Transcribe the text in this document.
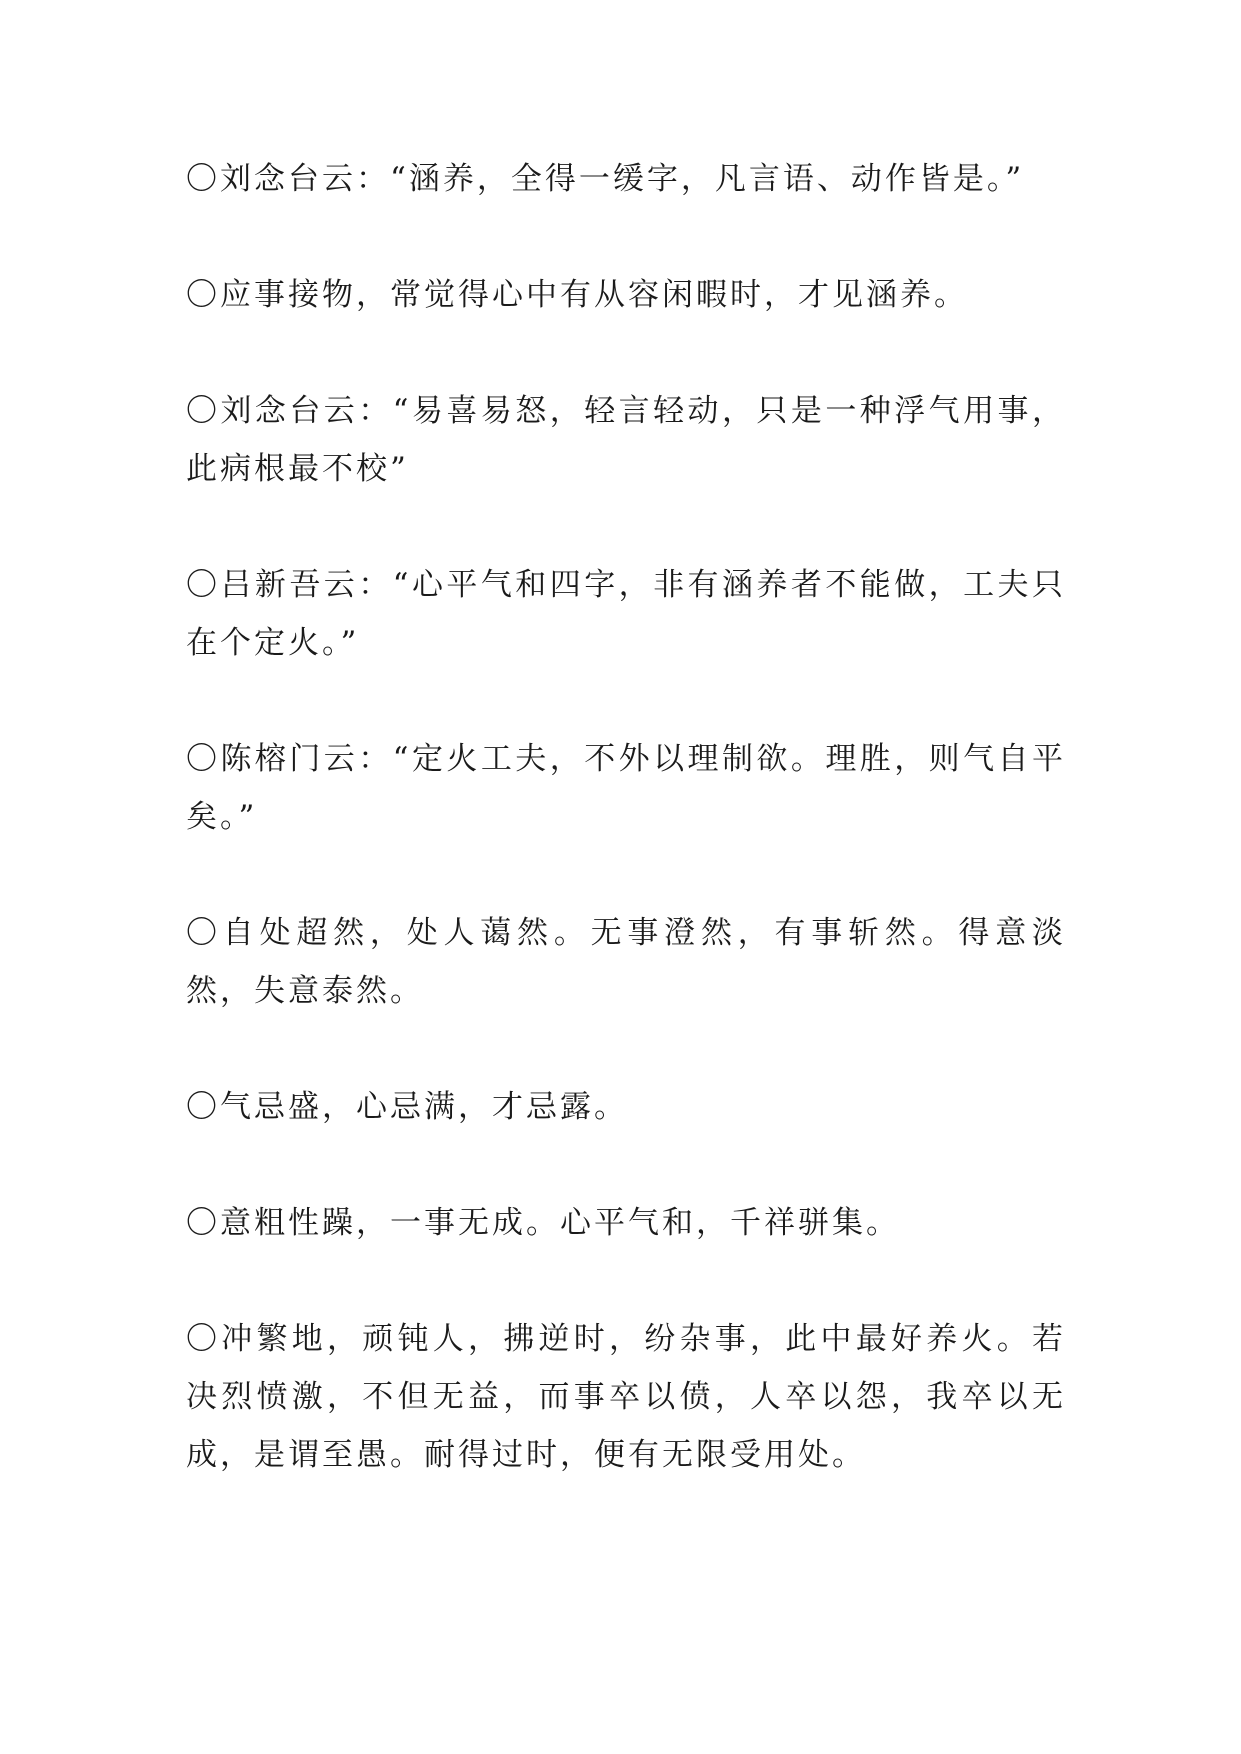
〇刘念台云：“涵养，全得一缓字，凡言语、动作皆是。”

〇应事接物，常觉得心中有从容闲暇时，才见涵养。

〇刘念台云：“易喜易怒，轻言轻动，只是一种浮气用事，此病根最不校”

〇吕新吾云：“心平气和四字，非有涵养者不能做，工夫只在个定火。”

〇陈榕门云：“定火工夫，不外以理制欲。理胜，则气自平矣。”

〇自处超然，处人蔼然。无事澄然，有事斩然。得意淡然，失意泰然。

〇气忌盛，心忌满，才忌露。

〇意粗性躁，一事无成。心平气和，千祥骈集。

〇冲繁地，顽钝人，拂逆时，纷杂事，此中最好养火。若决烈愤激，不但无益，而事卒以偾，人卒以怨，我卒以无成，是谓至愚。耐得过时，便有无限受用处。
